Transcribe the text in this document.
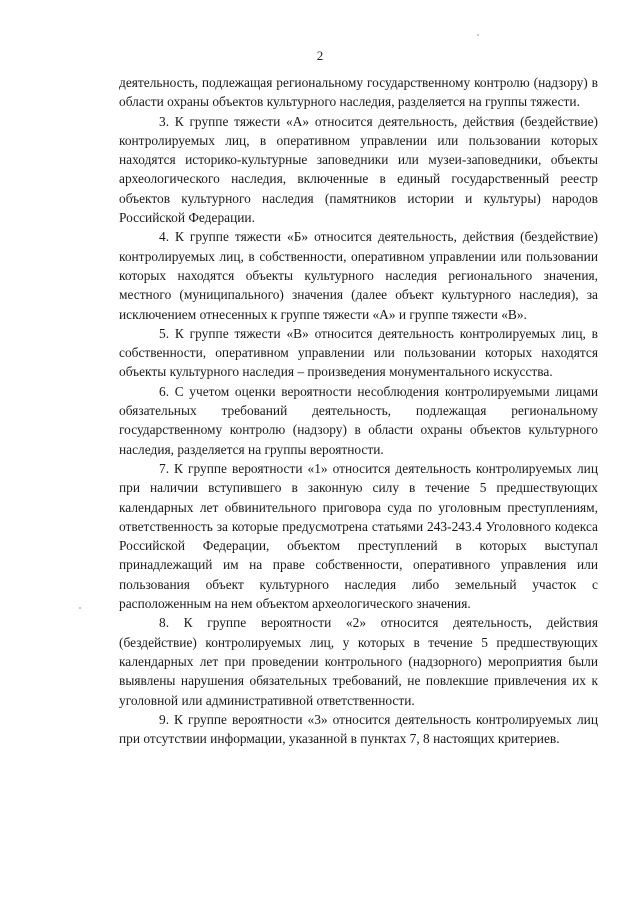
2

деятельность, подлежащая региональному государственному контролю (надзору) в области охраны объектов культурного наследия, разделяется на группы тяжести.

3. К группе тяжести «А» относится деятельность, действия (бездействие) контролируемых лиц, в оперативном управлении или пользовании которых находятся историко-культурные заповедники или музеи-заповедники, объекты археологического наследия, включенные в единый государственный реестр объектов культурного наследия (памятников истории и культуры) народов Российской Федерации.

4. К группе тяжести «Б» относится деятельность, действия (бездействие) контролируемых лиц, в собственности, оперативном управлении или пользовании которых находятся объекты культурного наследия регионального значения, местного (муниципального) значения (далее объект культурного наследия), за исключением отнесенных к группе тяжести «А» и группе тяжести «В».

5. К группе тяжести «В» относится деятельность контролируемых лиц, в собственности, оперативном управлении или пользовании которых находятся объекты культурного наследия – произведения монументального искусства.

6. С учетом оценки вероятности несоблюдения контролируемыми лицами обязательных требований деятельность, подлежащая региональному государственному контролю (надзору) в области охраны объектов культурного наследия, разделяется на группы вероятности.

7. К группе вероятности «1» относится деятельность контролируемых лиц при наличии вступившего в законную силу в течение 5 предшествующих календарных лет обвинительного приговора суда по уголовным преступлениям, ответственность за которые предусмотрена статьями 243-243.4 Уголовного кодекса Российской Федерации, объектом преступлений в которых выступал принадлежащий им на праве собственности, оперативного управления или пользования объект культурного наследия либо земельный участок с расположенным на нем объектом археологического значения.

8. К группе вероятности «2» относится деятельность, действия (бездействие) контролируемых лиц, у которых в течение 5 предшествующих календарных лет при проведении контрольного (надзорного) мероприятия были выявлены нарушения обязательных требований, не повлекшие привлечения их к уголовной или административной ответственности.

9. К группе вероятности «3» относится деятельность контролируемых лиц при отсутствии информации, указанной в пунктах 7, 8 настоящих критериев.
